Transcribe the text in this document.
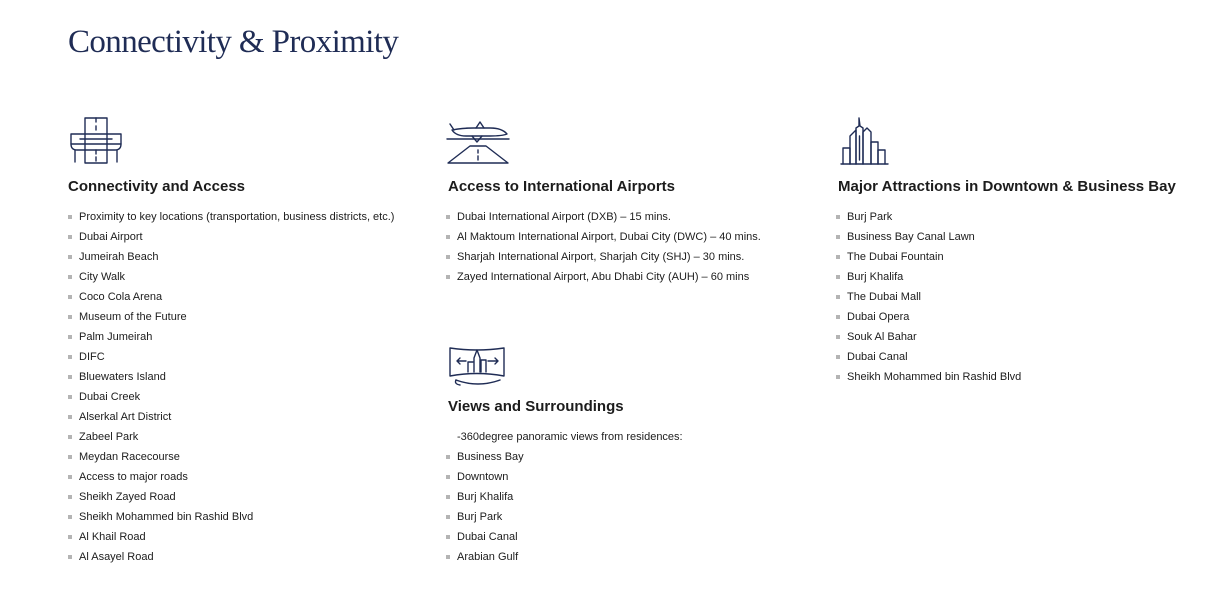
Connectivity & Proximity
Connectivity and Access
Proximity to key locations (transportation, business districts, etc.)
Dubai Airport
Jumeirah Beach
City Walk
Coco Cola Arena
Museum of the Future
Palm Jumeirah
DIFC
Bluewaters Island
Dubai Creek
Alserkal Art District
Zabeel Park
Meydan Racecourse
Access to major roads
Sheikh Zayed Road
Sheikh Mohammed bin Rashid Blvd
Al Khail Road
Al Asayel Road
Access to International Airports
Dubai International Airport (DXB) – 15 mins.
Al Maktoum International Airport, Dubai City (DWC) – 40 mins.
Sharjah International Airport, Sharjah City (SHJ) – 30 mins.
Zayed International Airport, Abu Dhabi City (AUH) – 60 mins
Views and Surroundings
-360degree panoramic views from residences:
Business Bay
Downtown
Burj Khalifa
Burj Park
Dubai Canal
Arabian Gulf
Major Attractions in Downtown & Business Bay
Burj Park
Business Bay Canal Lawn
The Dubai Fountain
Burj Khalifa
The Dubai Mall
Dubai Opera
Souk Al Bahar
Dubai Canal
Sheikh Mohammed bin Rashid Blvd
